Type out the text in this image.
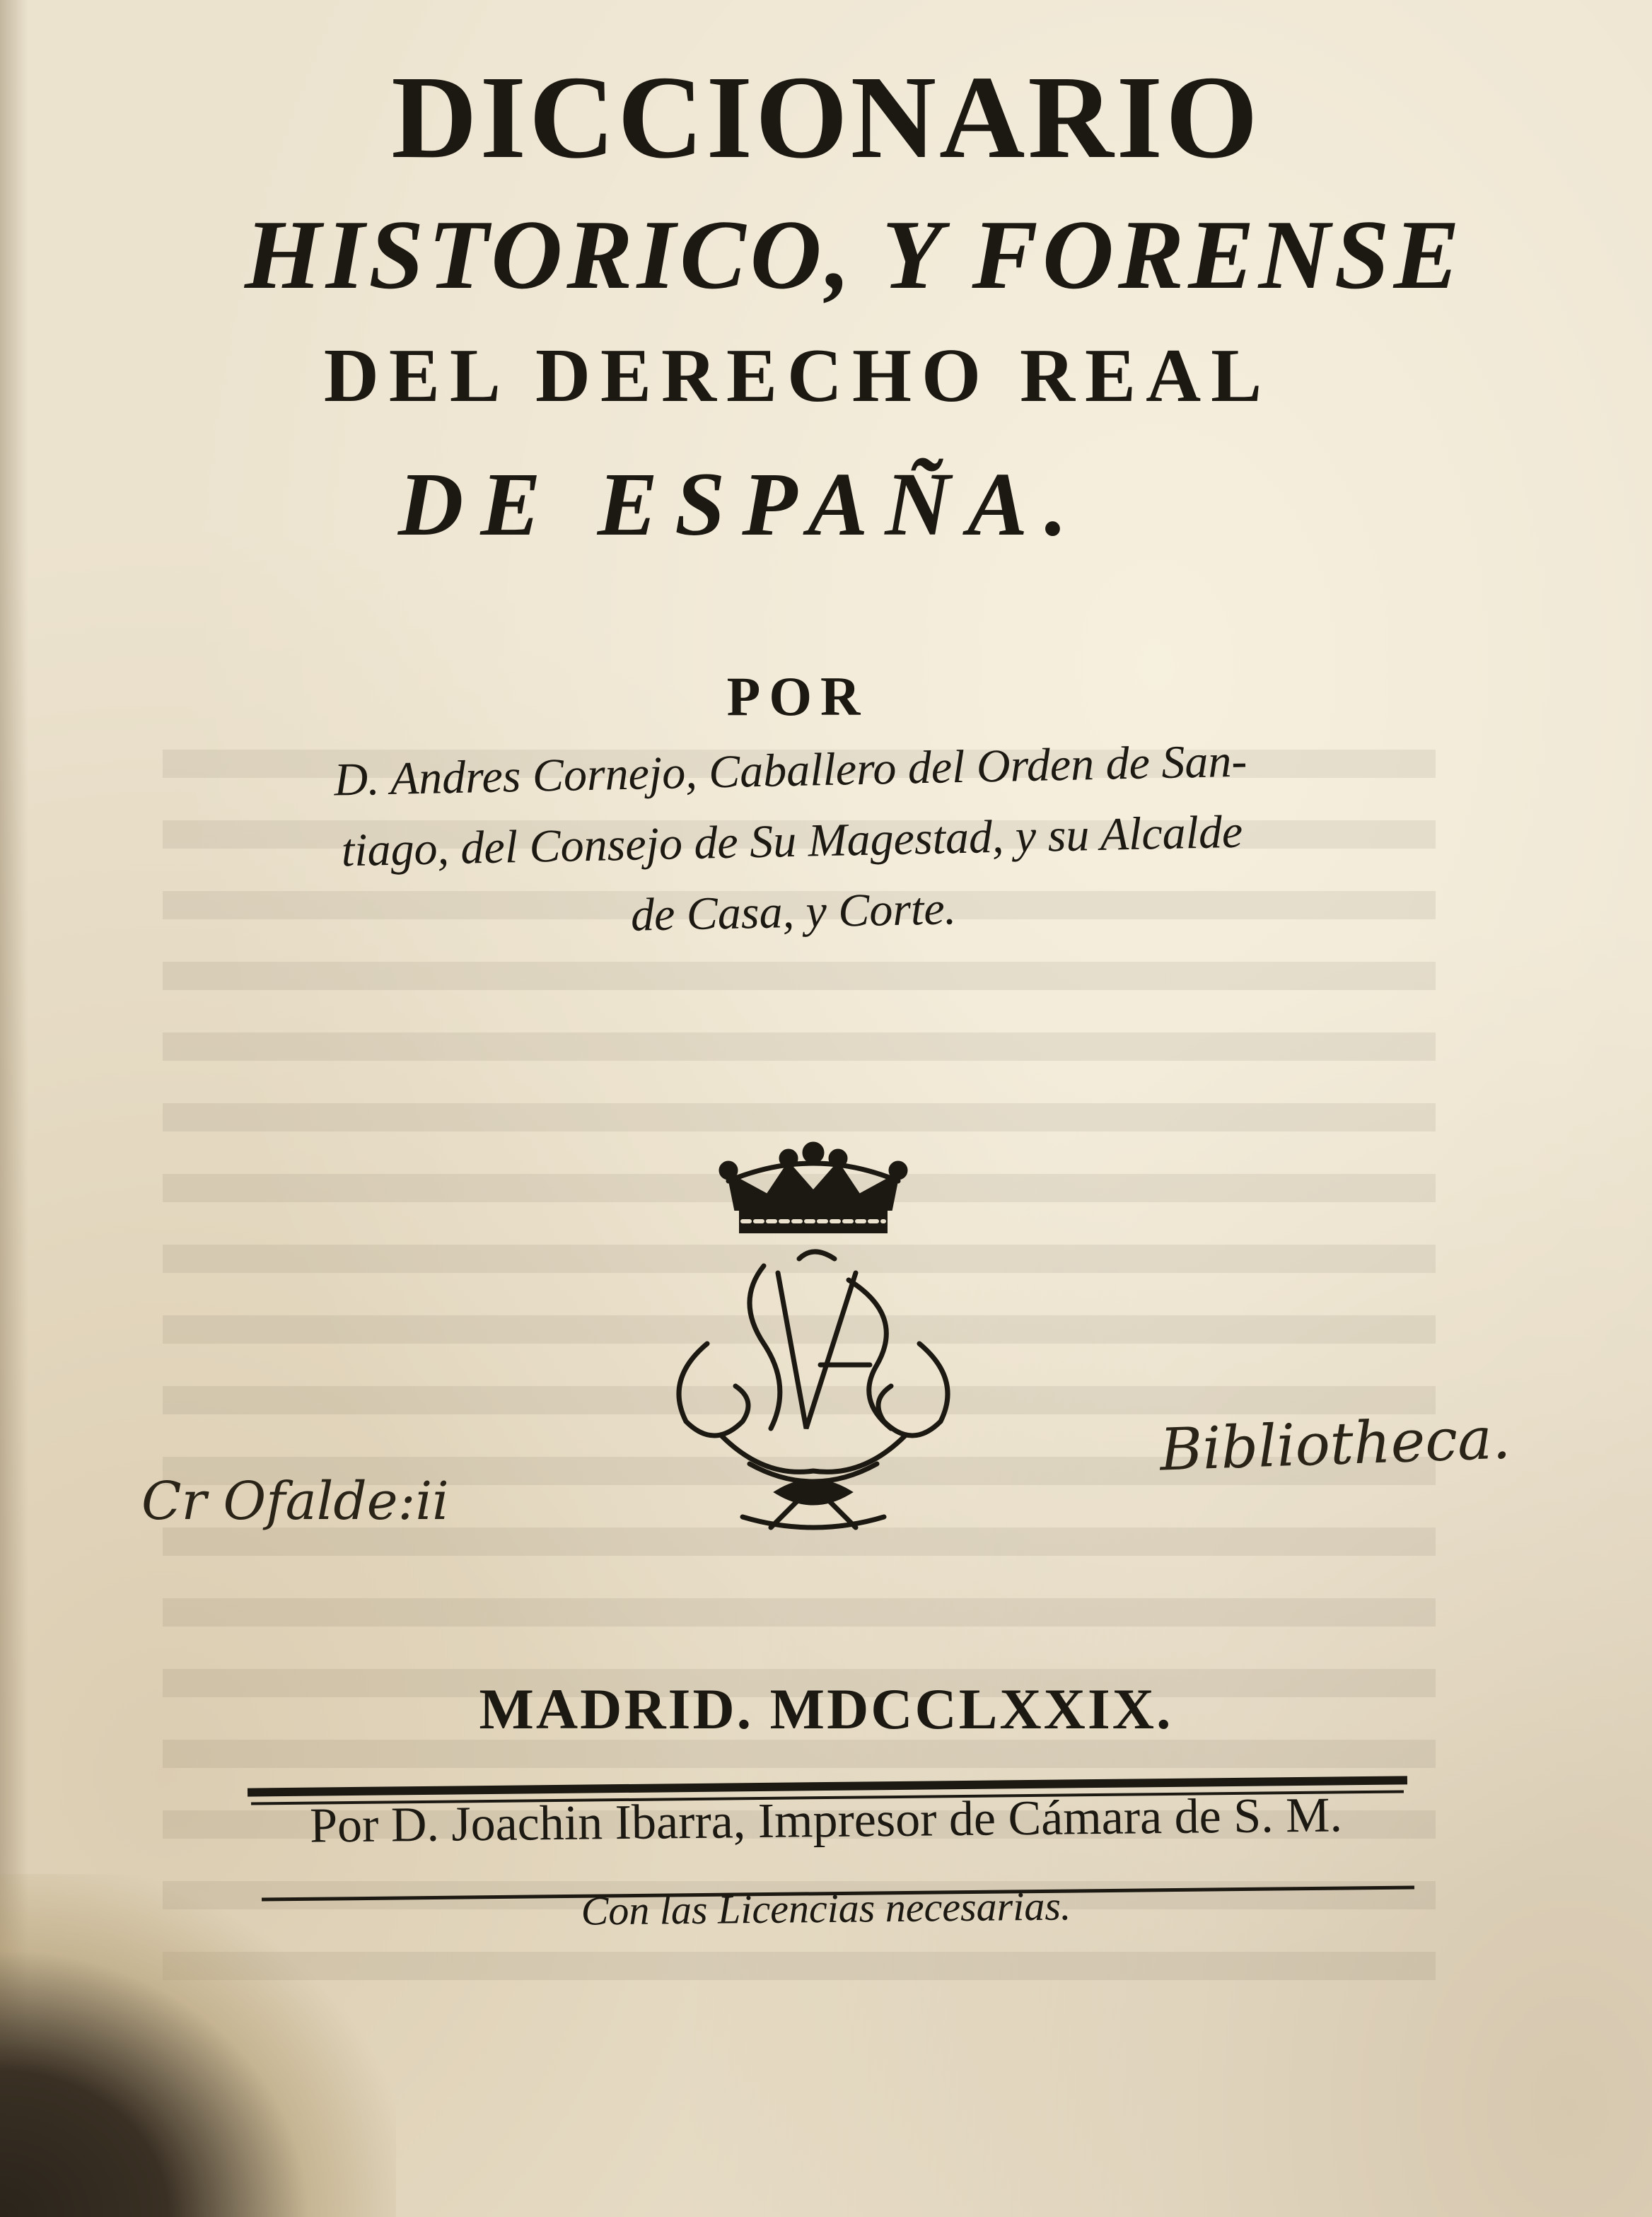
DICCIONARIO
HISTORICO, Y FORENSE
DEL DERECHO REAL
DE ESPAÑA.
POR
D. Andres Cornejo, Caballero del Orden de San-
tiago, del Consejo de Su Magestad, y su Alcalde
de Casa, y Corte.
Cr Ofalde:ii
Bibliotheca.
MADRID. MDCCLXXIX.
Por D. Joachin Ibarra, Impresor de Cámara de S. M.
Con las Licencias necesarias.
